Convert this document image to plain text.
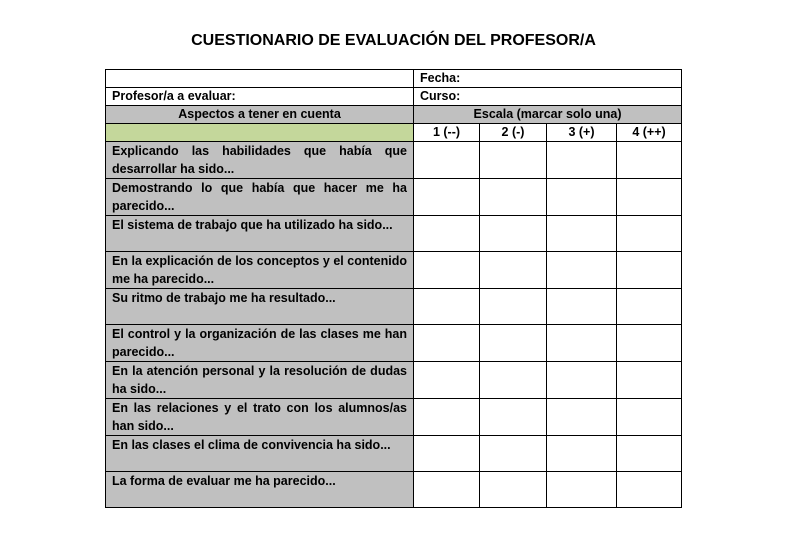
CUESTIONARIO DE EVALUACIÓN DEL PROFESOR/A
	Fecha:			
Profesor/a a evaluar:	Curso:			
Aspectos a tener en cuenta	Escala (marcar solo una)			
	1 (--)	2 (-)	3 (+)	4 (++)
Explicando las habilidades que había que desarrollar ha sido...				
Demostrando lo que había que hacer me ha parecido...				
El sistema de trabajo que ha utilizado ha sido...				
En la explicación de los conceptos y el contenido me ha parecido...				
Su ritmo de trabajo me ha resultado...				
El control y la organización de las clases me han parecido...				
En la atención personal y la resolución de dudas ha sido...				
En las relaciones y el trato con los alumnos/as han sido...				
En las clases el clima de convivencia ha sido...				
La forma de evaluar me ha parecido...				
